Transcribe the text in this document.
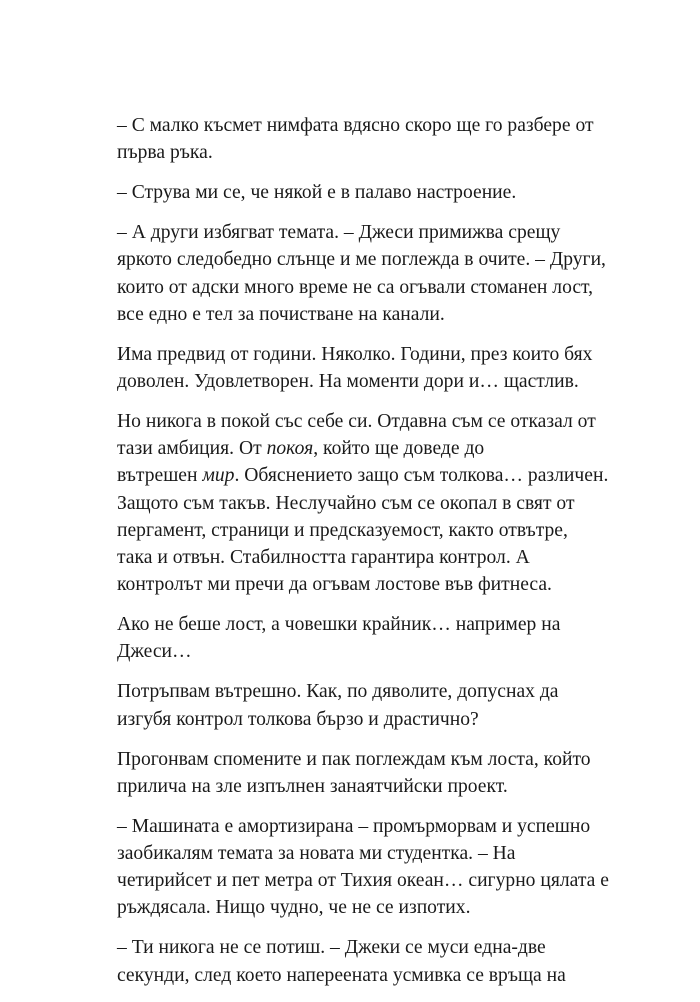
– С малко късмет нимфата вдясно скоро ще го разбере от
първа ръка.

– Струва ми се, че някой е в палаво настроение.

– А други избягват темата. – Джеси примижва срещу
яркото следобедно слънце и ме поглежда в очите. – Други,
които от адски много време не са огъвали стоманен лост,
все едно е тел за почистване на канали.

Има предвид от години. Няколко. Години, през които бях
доволен. Удовлетворен. На моменти дори и… щастлив.

Но никога в покой със себе си. Отдавна съм се отказал от
тази амбиция. От покоя, който ще доведе до
вътрешен мир. Обяснението защо съм толкова… различен.
Защото съм такъв. Неслучайно съм се окопал в свят от
пергамент, страници и предсказуемост, както отвътре,
така и отвън. Стабилността гарантира контрол. А
контролът ми пречи да огъвам лостове във фитнеса.

Ако не беше лост, а човешки крайник… например на
Джеси…

Потръпвам вътрешно. Как, по дяволите, допуснах да
изгубя контрол толкова бързо и драстично?

Прогонвам спомените и пак поглеждам към лоста, който
прилича на зле изпълнен занаятчийски проект.

– Машината е амортизирана – промърморвам и успешно
заобикалям темата за новата ми студентка. – На
четирийсет и пет метра от Тихия океан… сигурно цялата е
ръждясала. Нищо чудно, че не се изпотих.

– Ти никога не се потиш. – Джеки се муси една-две
секунди, след което напереената усмивка се връща на
